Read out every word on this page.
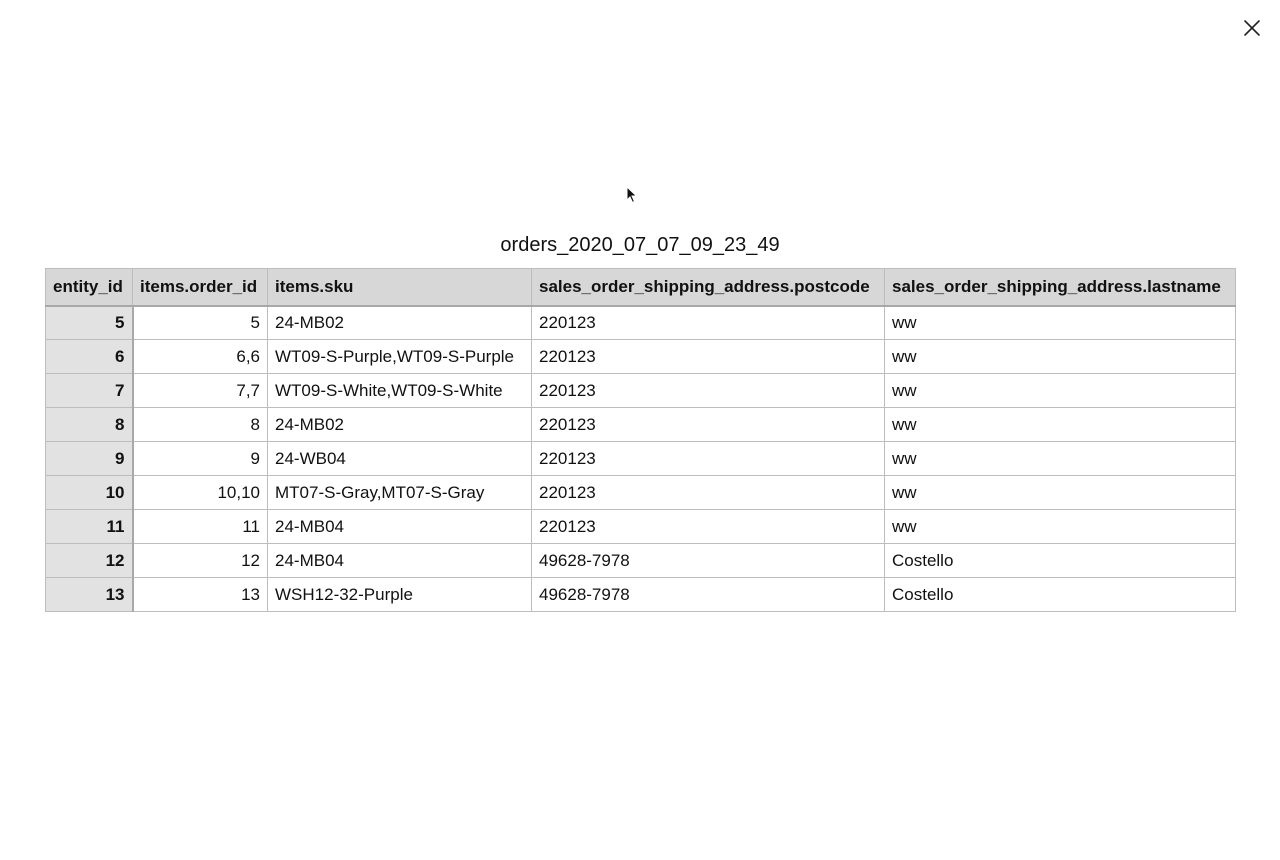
orders_2020_07_07_09_23_49
entity_id	items.order_id	items.sku	sales_order_shipping_address.postcode	sales_order_shipping_address.lastname
5	5	24-MB02	220123	ww
6	6,6	WT09-S-Purple,WT09-S-Purple	220123	ww
7	7,7	WT09-S-White,WT09-S-White	220123	ww
8	8	24-MB02	220123	ww
9	9	24-WB04	220123	ww
10	10,10	MT07-S-Gray,MT07-S-Gray	220123	ww
11	11	24-MB04	220123	ww
12	12	24-MB04	49628-7978	Costello
13	13	WSH12-32-Purple	49628-7978	Costello
